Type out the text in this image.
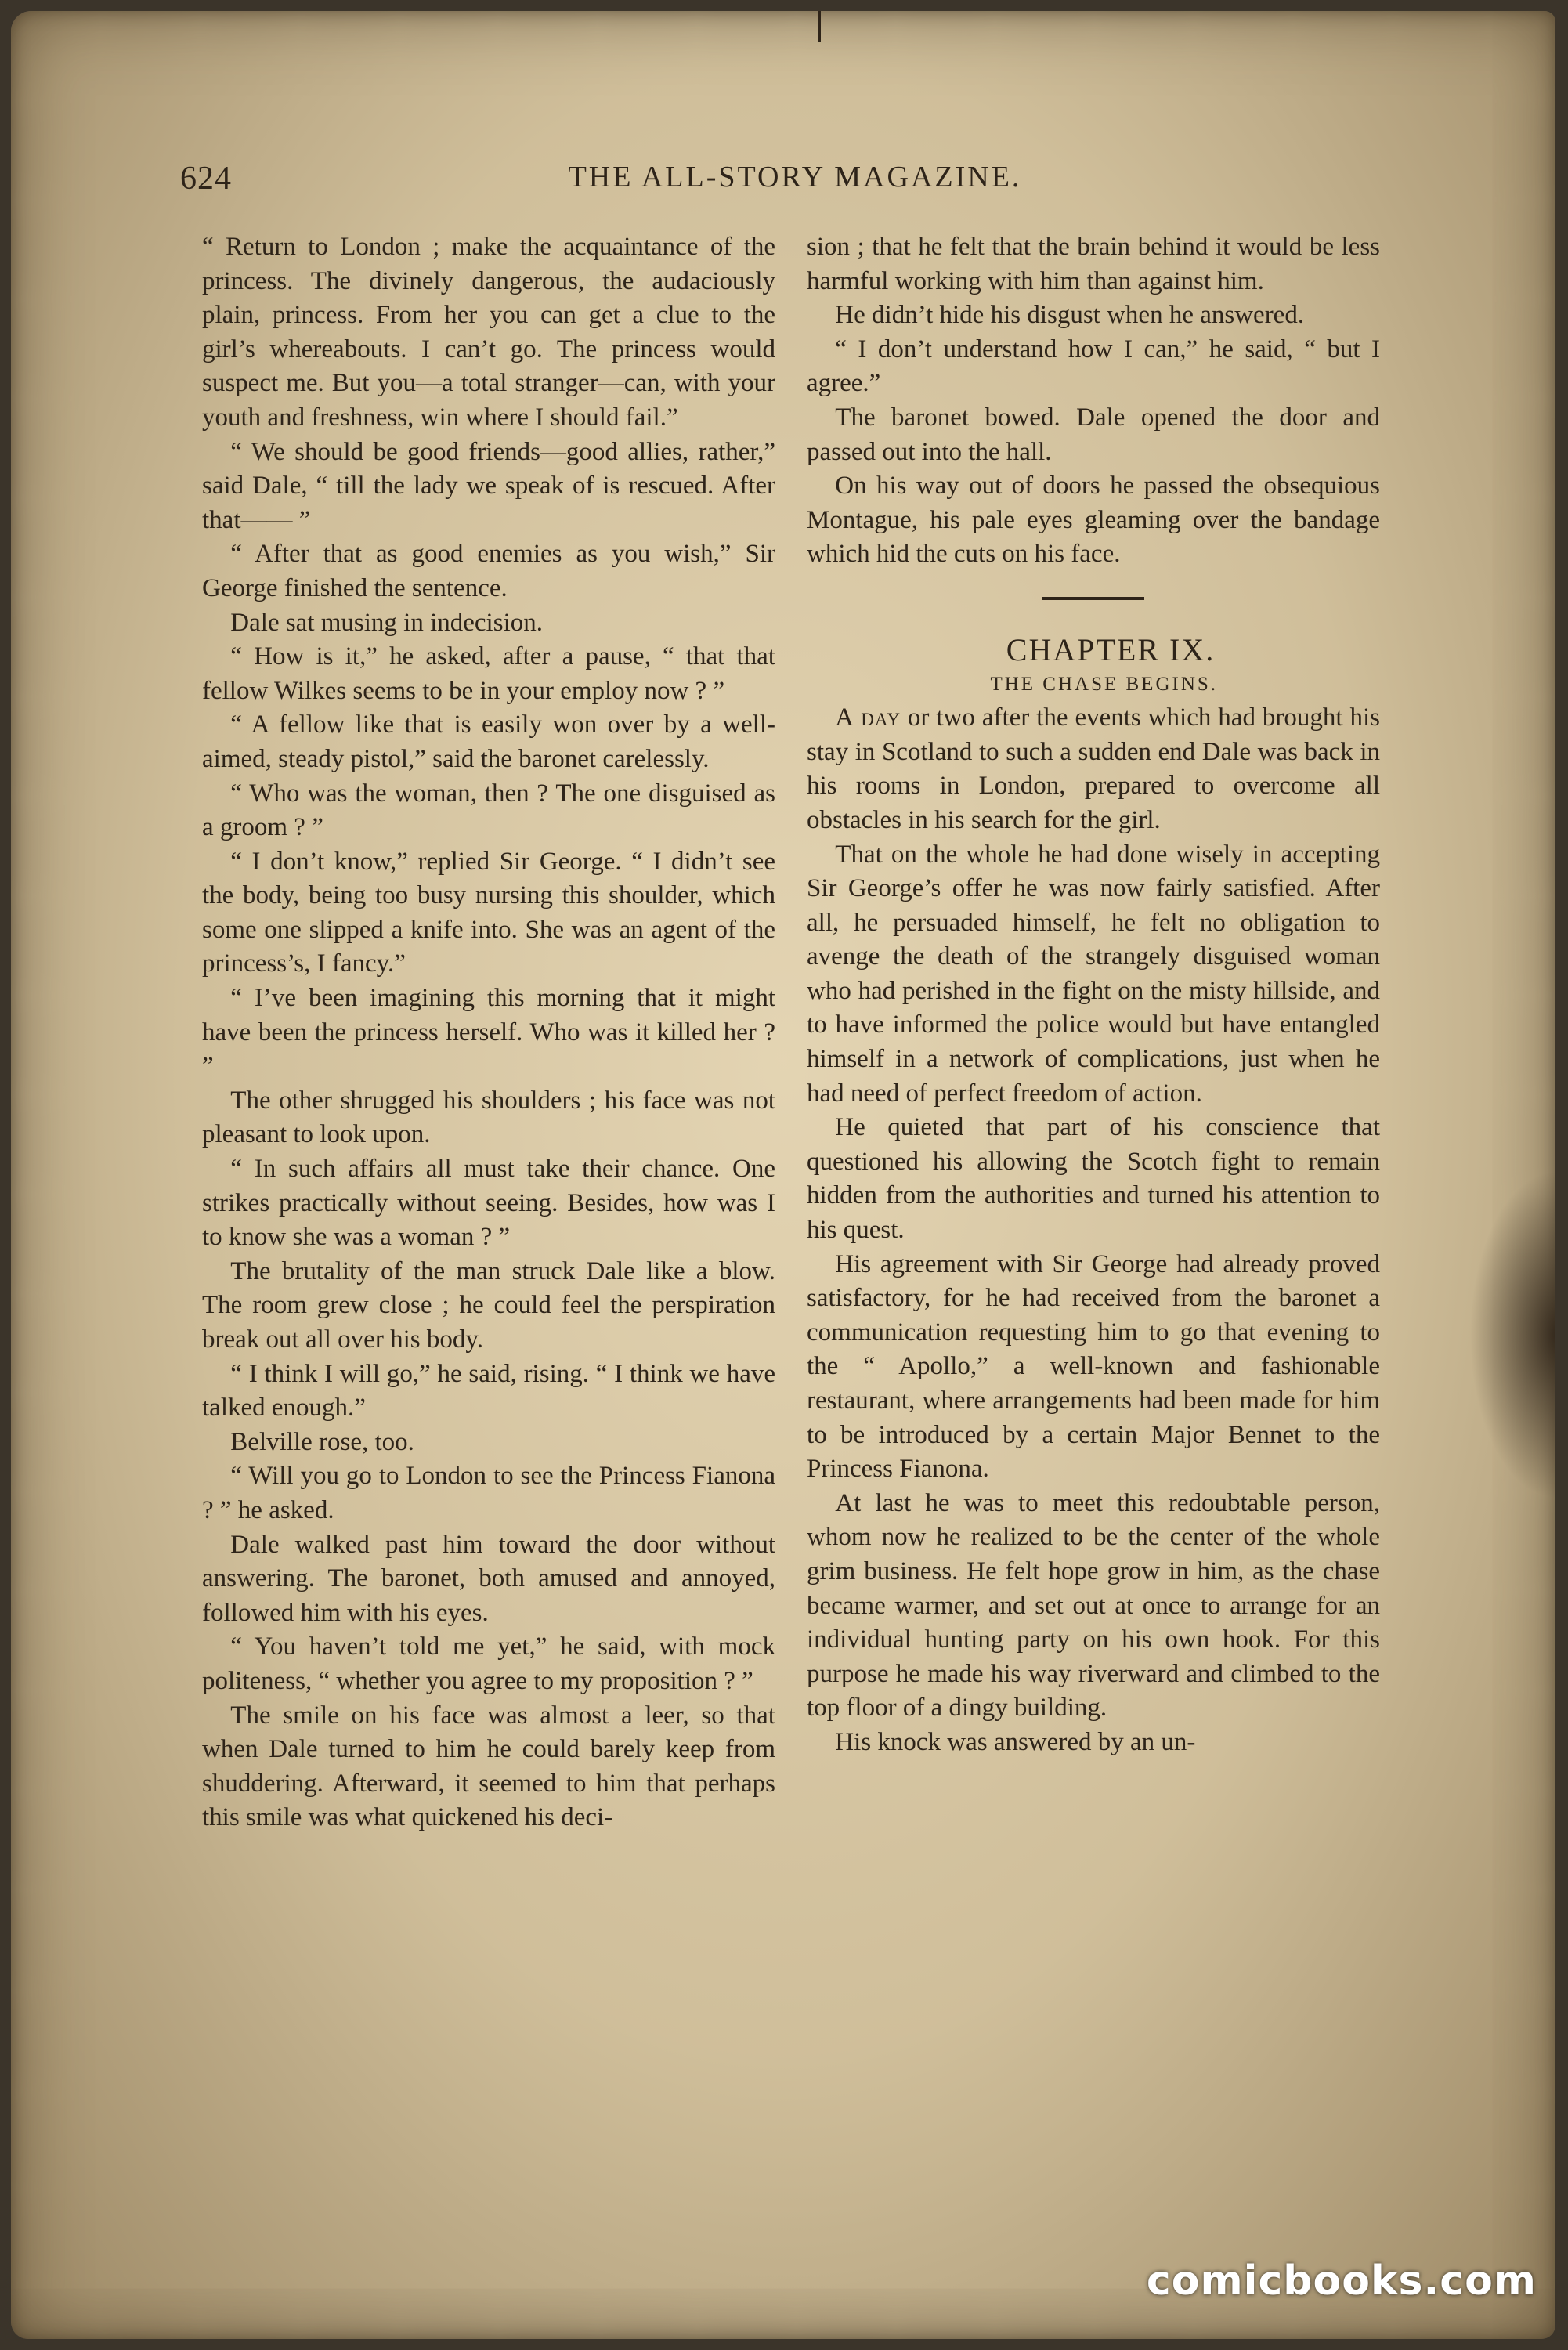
624	THE ALL-STORY MAGAZINE.

“ Return to London ; make the acquaintance of the princess. The divinely dangerous, the audaciously plain, princess. From her you can get a clue to the girl’s whereabouts. I can’t go. The princess would suspect me. But you—a total stranger—can, with your youth and freshness, win where I should fail.”

“ We should be good friends—good allies, rather,” said Dale, “ till the lady we speak of is rescued. After that—— ”

“ After that as good enemies as you wish,” Sir George finished the sentence.

Dale sat musing in indecision.

“ How is it,” he asked, after a pause, “ that that fellow Wilkes seems to be in your employ now ? ”

“ A fellow like that is easily won over by a well-aimed, steady pistol,” said the baronet carelessly.

“ Who was the woman, then ? The one disguised as a groom ? ”

“ I don’t know,” replied Sir George. “ I didn’t see the body, being too busy nursing this shoulder, which some one slipped a knife into. She was an agent of the princess’s, I fancy.”

“ I’ve been imagining this morning that it might have been the princess herself. Who was it killed her ? ”

The other shrugged his shoulders ; his face was not pleasant to look upon.

“ In such affairs all must take their chance. One strikes practically without seeing. Besides, how was I to know she was a woman ? ”

The brutality of the man struck Dale like a blow. The room grew close ; he could feel the perspiration break out all over his body.

“ I think I will go,” he said, rising. “ I think we have talked enough.”

Belville rose, too.

“ Will you go to London to see the Princess Fianona ? ” he asked.

Dale walked past him toward the door without answering. The baronet, both amused and annoyed, followed him with his eyes.

“ You haven’t told me yet,” he said, with mock politeness, “ whether you agree to my proposition ? ”

The smile on his face was almost a leer, so that when Dale turned to him he could barely keep from shuddering. Afterward, it seemed to him that perhaps this smile was what quickened his deci-

sion ; that he felt that the brain behind it would be less harmful working with him than against him.

He didn’t hide his disgust when he answered.

“ I don’t understand how I can,” he said, “ but I agree.”

The baronet bowed. Dale opened the door and passed out into the hall.

On his way out of doors he passed the obsequious Montague, his pale eyes gleaming over the bandage which hid the cuts on his face.

CHAPTER IX.

THE CHASE BEGINS.

A day or two after the events which had brought his stay in Scotland to such a sudden end Dale was back in his rooms in London, prepared to overcome all obstacles in his search for the girl.

That on the whole he had done wisely in accepting Sir George’s offer he was now fairly satisfied. After all, he persuaded himself, he felt no obligation to avenge the death of the strangely disguised woman who had perished in the fight on the misty hillside, and to have informed the police would but have entangled himself in a network of complications, just when he had need of perfect freedom of action.

He quieted that part of his conscience that questioned his allowing the Scotch fight to remain hidden from the authorities and turned his attention to his quest.

His agreement with Sir George had already proved satisfactory, for he had received from the baronet a communication requesting him to go that evening to the “ Apollo,” a well-known and fashionable restaurant, where arrangements had been made for him to be introduced by a certain Major Bennet to the Princess Fianona.

At last he was to meet this redoubtable person, whom now he realized to be the center of the whole grim business. He felt hope grow in him, as the chase became warmer, and set out at once to arrange for an individual hunting party on his own hook. For this purpose he made his way riverward and climbed to the top floor of a dingy building.

His knock was answered by an un-

comicbooks.com
